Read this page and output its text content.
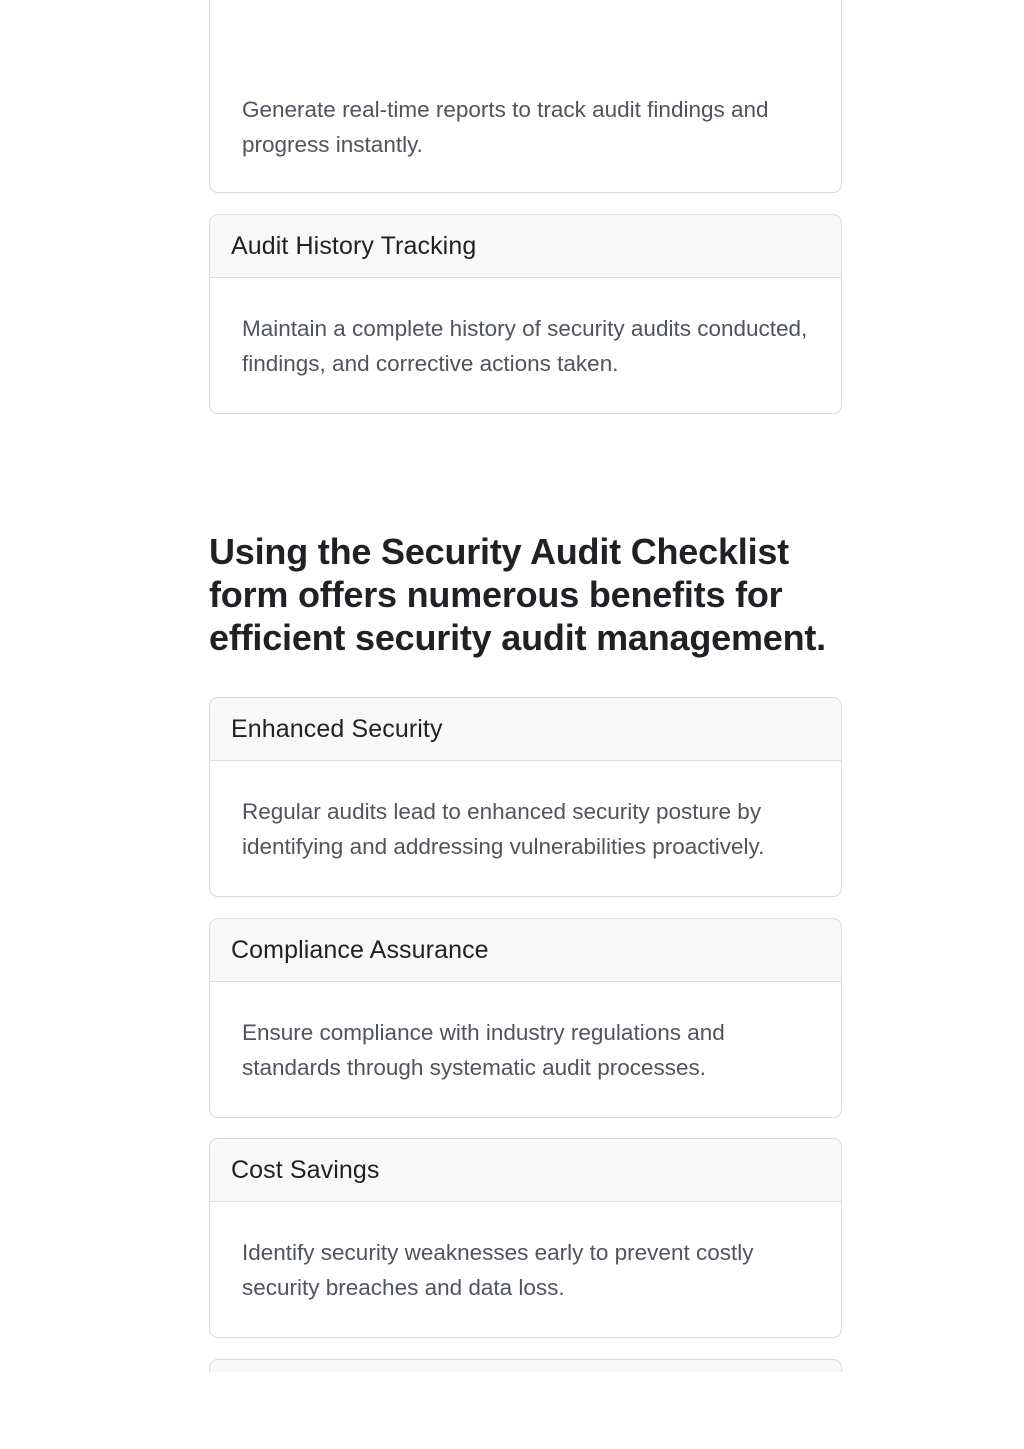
Generate real-time reports to track audit findings and progress instantly.

Audit History Tracking

Maintain a complete history of security audits conducted, findings, and corrective actions taken.

Using the Security Audit Checklist form offers numerous benefits for efficient security audit management.
Enhanced Security

Regular audits lead to enhanced security posture by identifying and addressing vulnerabilities proactively.

Compliance Assurance

Ensure compliance with industry regulations and standards through systematic audit processes.

Cost Savings

Identify security weaknesses early to prevent costly security breaches and data loss.
